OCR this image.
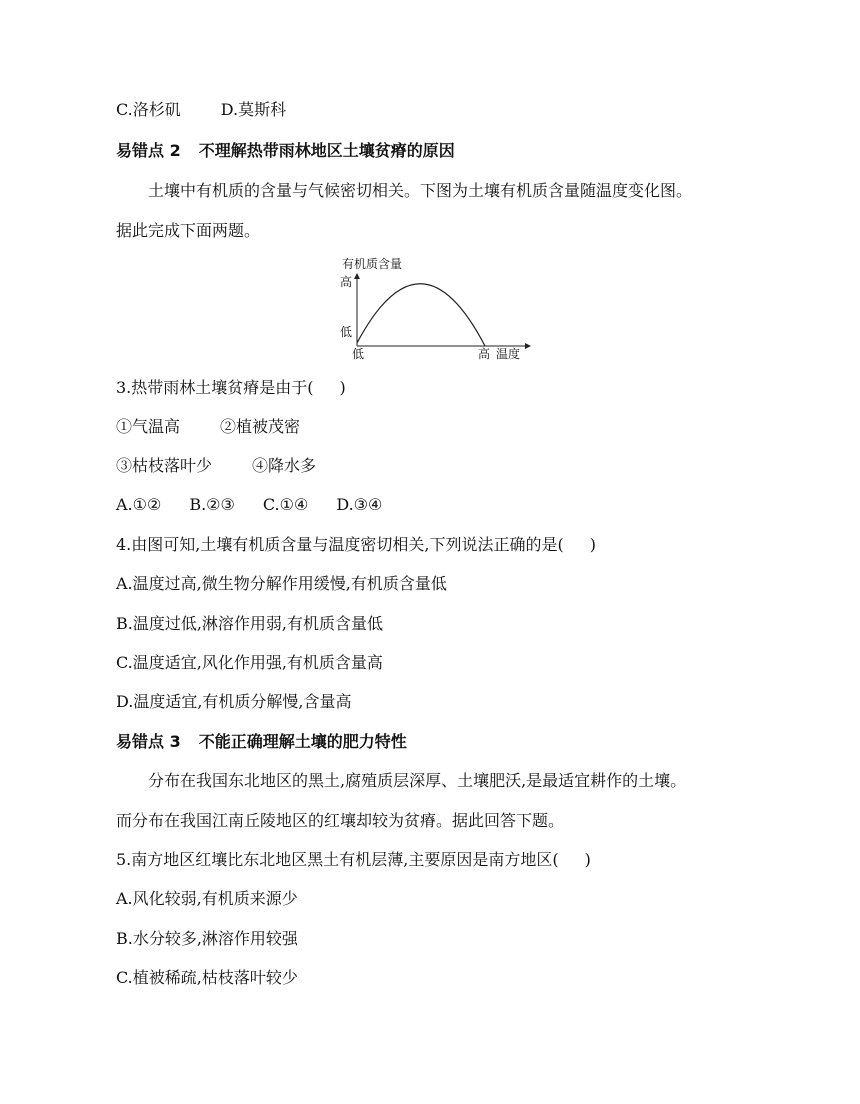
C.洛杉矶	D.莫斯科
易错点 2 不理解热带雨林地区土壤贫瘠的原因
土壤中有机质的含量与气候密切相关。下图为土壤有机质含量随温度变化图。
据此完成下面两题。
有机质含量
高
低
低	高 温度
3.热带雨林土壤贫瘠是由于( )
①气温高	②植被茂密
③枯枝落叶少	④降水多
A.①② B.②③ C.①④ D.③④
4.由图可知,土壤有机质含量与温度密切相关,下列说法正确的是( )
A.温度过高,微生物分解作用缓慢,有机质含量低
B.温度过低,淋溶作用弱,有机质含量低
C.温度适宜,风化作用强,有机质含量高
D.温度适宜,有机质分解慢,含量高
易错点 3 不能正确理解土壤的肥力特性
分布在我国东北地区的黑土,腐殖质层深厚、土壤肥沃,是最适宜耕作的土壤。
而分布在我国江南丘陵地区的红壤却较为贫瘠。据此回答下题。
5.南方地区红壤比东北地区黑土有机层薄,主要原因是南方地区( )
A.风化较弱,有机质来源少
B.水分较多,淋溶作用较强
C.植被稀疏,枯枝落叶较少
